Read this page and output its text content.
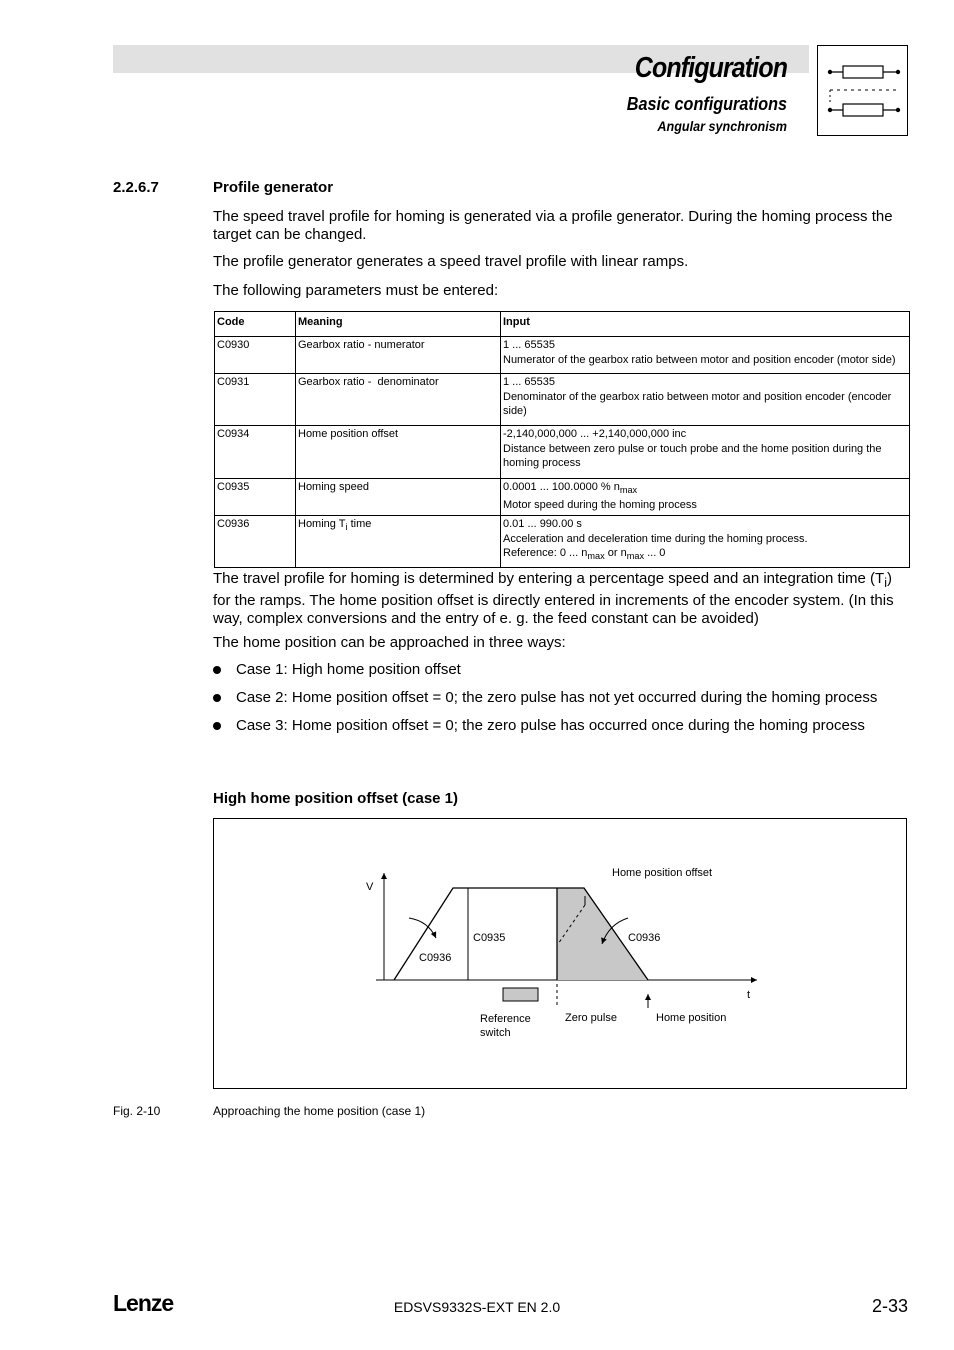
Configuration
Basic configurations
Angular synchronism
2.2.6.7	Profile generator
The speed travel profile for homing is generated via a profile generator. During the homing process the target can be changed.
The profile generator generates a speed travel profile with linear ramps.
The following parameters must be entered:
Code	Meaning	Input
C0930	Gearbox ratio - numerator	1 ... 65535
Numerator of the gearbox ratio between motor and position encoder (motor side)

C0931	Gearbox ratio -  denominator	1 ... 65535
Denominator of the gearbox ratio between motor and position encoder (encoder side)

C0934	Home position offset	-2,140,000,000 ... +2,140,000,000 inc
Distance between zero pulse or touch probe and the home position during the homing process

C0935	Homing speed	0.0001 ... 100.0000 % $n_{max}$
Motor speed during the homing process

C0936	Homing $T_i$ time	0.01 ... 990.00 s
Acceleration and deceleration time during the homing process.
Reference: 0 ... $n_{max}$ or $n_{max}$ ... 0
The travel profile for homing is determined by entering a percentage speed and an integration time $(T_i)$ for the ramps. The home position offset is directly entered in increments of the encoder system. (In this way, complex conversions and the entry of e. g. the feed constant can be avoided)
The home position can be approached in three ways:
Case 1: High home position offset
Case 2: Home position offset = 0; the zero pulse has not yet occurred during the homing process
Case 3: Home position offset = 0; the zero pulse has occurred once during the homing process
High home position offset (case 1)
V
t
Home position offset
C0935	C0936
C0936
Reference
switch
Zero pulse	Home position
Fig. 2-10	Approaching the home position (case 1)
Lenze	EDSVS9332S-EXT EN 2.0	2-33
